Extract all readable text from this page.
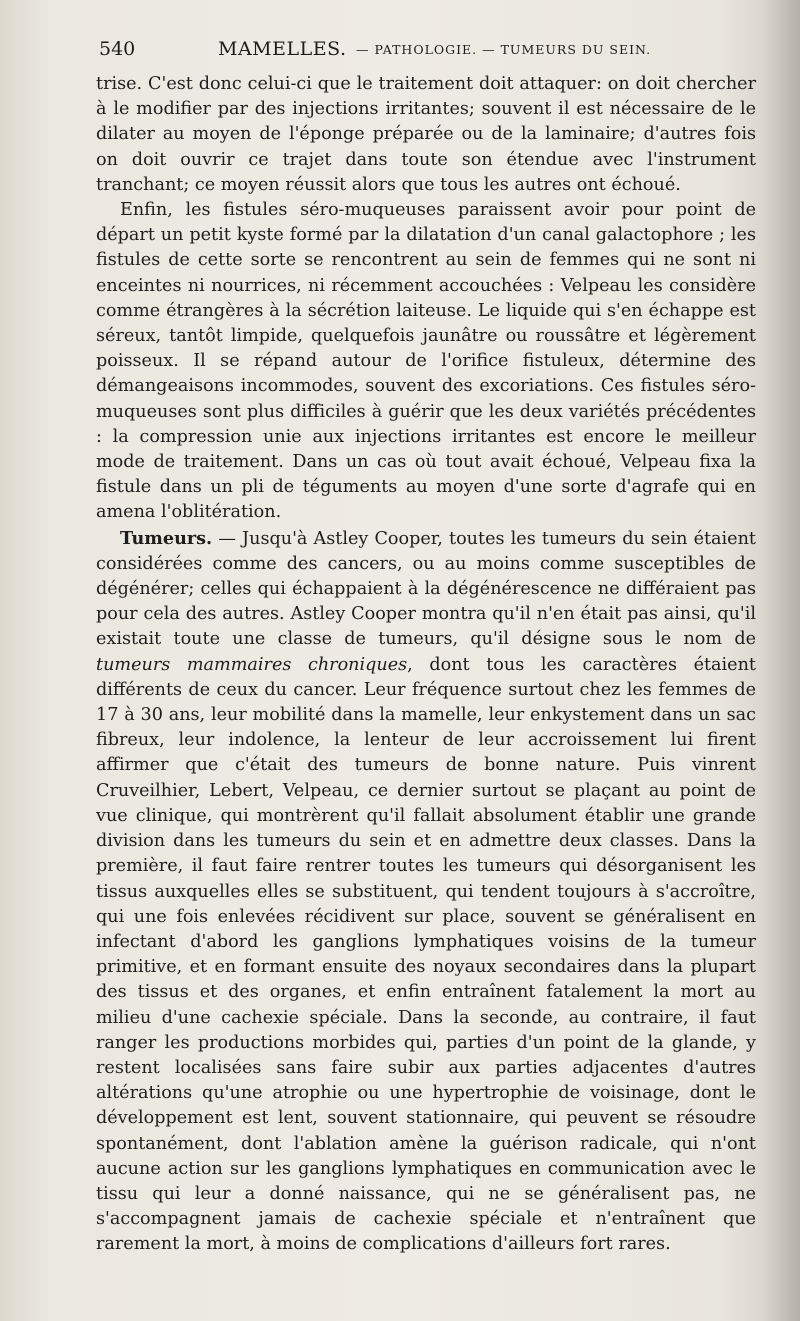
540	MAMELLES. — PATHOLOGIE. — TUMEURS DU SEIN.

trise. C'est donc celui-ci que le traitement doit attaquer: on doit chercher à le modifier par des injections irritantes; souvent il est nécessaire de le dilater au moyen de l'éponge préparée ou de la laminaire; d'autres fois on doit ouvrir ce trajet dans toute son étendue avec l'instrument tranchant; ce moyen réussit alors que tous les autres ont échoué.

Enfin, les fistules séro-muqueuses paraissent avoir pour point de départ un petit kyste formé par la dilatation d'un canal galactophore ; les fistules de cette sorte se rencontrent au sein de femmes qui ne sont ni enceintes ni nourrices, ni récemment accouchées : Velpeau les considère comme étrangères à la sécrétion laiteuse. Le liquide qui s'en échappe est séreux, tantôt limpide, quelquefois jaunâtre ou roussâtre et légèrement poisseux. Il se répand autour de l'orifice fistuleux, détermine des démangeaisons incommodes, souvent des excoriations. Ces fistules séro-muqueuses sont plus difficiles à guérir que les deux variétés précédentes : la compression unie aux injections irritantes est encore le meilleur mode de traitement. Dans un cas où tout avait échoué, Velpeau fixa la fistule dans un pli de téguments au moyen d'une sorte d'agrafe qui en amena l'oblitération.

Tumeurs. — Jusqu'à Astley Cooper, toutes les tumeurs du sein étaient considérées comme des cancers, ou au moins comme susceptibles de dégénérer; celles qui échappaient à la dégénérescence ne différaient pas pour cela des autres. Astley Cooper montra qu'il n'en était pas ainsi, qu'il existait toute une classe de tumeurs, qu'il désigne sous le nom de tumeurs mammaires chroniques, dont tous les caractères étaient différents de ceux du cancer. Leur fréquence surtout chez les femmes de 17 à 30 ans, leur mobilité dans la mamelle, leur enkystement dans un sac fibreux, leur indolence, la lenteur de leur accroissement lui firent affirmer que c'était des tumeurs de bonne nature. Puis vinrent Cruveilhier, Lebert, Velpeau, ce dernier surtout se plaçant au point de vue clinique, qui montrèrent qu'il fallait absolument établir une grande division dans les tumeurs du sein et en admettre deux classes. Dans la première, il faut faire rentrer toutes les tumeurs qui désorganisent les tissus auxquelles elles se substituent, qui tendent toujours à s'accroître, qui une fois enlevées récidivent sur place, souvent se généralisent en infectant d'abord les ganglions lymphatiques voisins de la tumeur primitive, et en formant ensuite des noyaux secondaires dans la plupart des tissus et des organes, et enfin entraînent fatalement la mort au milieu d'une cachexie spéciale. Dans la seconde, au contraire, il faut ranger les productions morbides qui, parties d'un point de la glande, y restent localisées sans faire subir aux parties adjacentes d'autres altérations qu'une atrophie ou une hypertrophie de voisinage, dont le développement est lent, souvent stationnaire, qui peuvent se résoudre spontanément, dont l'ablation amène la guérison radicale, qui n'ont aucune action sur les ganglions lymphatiques en communication avec le tissu qui leur a donné naissance, qui ne se généralisent pas, ne s'accompagnent jamais de cachexie spéciale et n'entraînent que rarement la mort, à moins de complications d'ailleurs fort rares.
